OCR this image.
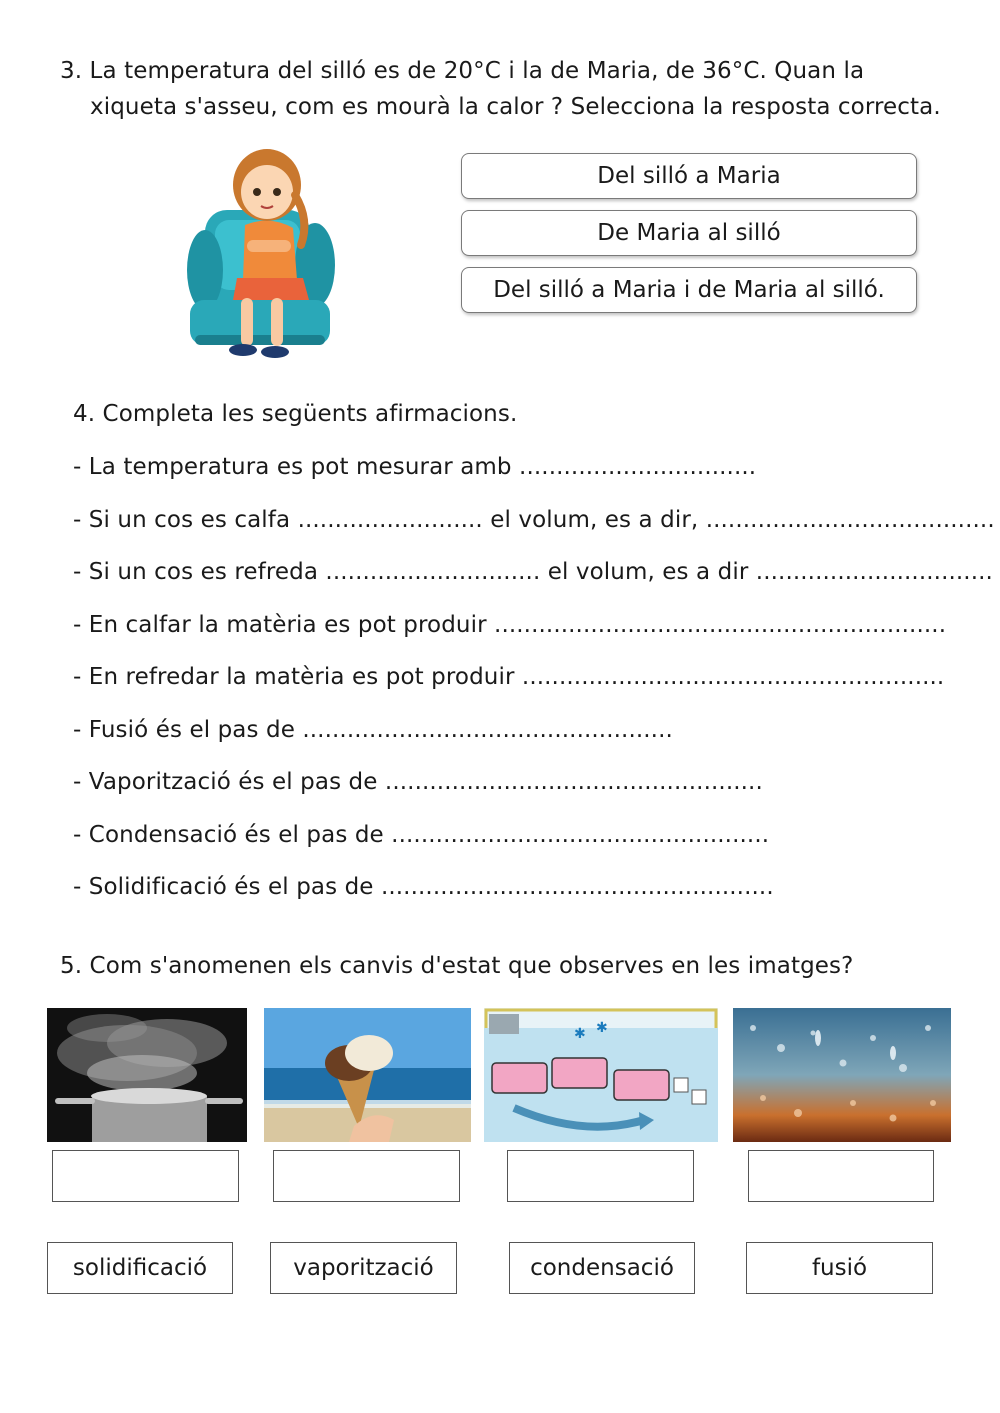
3. La temperatura del silló es de 20°C i la de Maria, de 36°C. Quan la
xiqueta s'asseu, com es mourà la calor ? Selecciona la resposta correcta.
Del silló a Maria
De Maria al silló
Del silló a Maria i de Maria al silló.
4. Completa les següents afirmacions.
- La temperatura es pot mesurar amb ................................
- Si un cos es calfa ......................... el volum, es a dir, .......................................
- Si un cos es refreda ............................. el volum, es a dir ................................
- En calfar la matèria es pot produir .............................................................
- En refredar la matèria es pot produir .........................................................
- Fusió és el pas de ..................................................
- Vaporització és el pas de ...................................................
- Condensació és el pas de ...................................................
- Solidificació és el pas de .....................................................
5. Com s'anomenen els canvis d'estat que observes en les imatges?
✱ ✱
solidificació	vaporització	condensació	fusió
